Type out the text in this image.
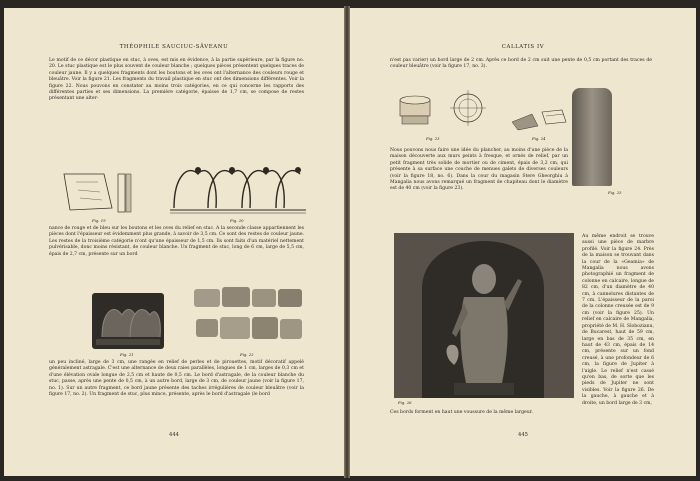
THÉOPHILE SAUCIUC-SĂVEANU

Le motif de ce décor plastique en stuc, à oves, est mis en évidence, à la partie supérieure, par la figure no. 20. Le stuc plastique est le plus souvent de couleur blanche ; quelques pièces présentent quelques traces de couleur jaune. Il y a quelques fragments dont les boutons et les oves ont l'alternance des couleurs rouge et bleuâtre. Voir la figure 21. Les fragments du travail plastique en stuc ont des dimensions différentes. Voir la figure 22. Nous pouvons en constater au moins trois catégories, en ce qui concerne les rapports des différentes parties et ses dimensions. La première catégorie, épaisse de 1,7 cm, se compose de restes présentant une alter-

Fig. 19	Fig. 20

nance de rouge et de bleu sur les boutons et les oves du relief en stuc. A la seconde classe appartiennent les pièces dont l'épaisseur est évidemment plus grande, à savoir de 3,5 cm. Ce sont des restes de couleur jaune. Les restes de la troisième catégorie n'ont qu'une épaisseur de 1,5 cm. Ils sont faits d'un matériel nettement pulvérisable, donc moins résistant, de couleur blanche. Un fragment de stuc, long de 6 cm, large de 5,5 cm, épais de 2,7 cm, présente sur un bord

Fig. 21	Fig. 22

un peu incliné, large de 3 cm, une rangée en relief de perles et de pirouettes, motif décoratif appelé généralement astragale. C'est une alternance de deux raies parallèles, longues de 1 cm, larges de 0,3 cm et d'une élévation ovale longue de 2,5 cm et haute de 0,5 cm. Le bord d'astragale, de la couleur blanche du stuc, passe, après une pente de 0,5 cm, à un autre bord, large de 3 cm, de couleur jaune (voir la figure 17, no. 1). Sur un autre fragment, ce bord jaune présente des taches irrégulières de couleur bleuâtre (voir la figure 17, no. 2). Un fragment de stuc, plus mince, présente, après le bord d'astragale (le bord

444
CALLATIS IV

n'est pas varier) un bord large de 2 cm. Après ce bord de 2 cm suit une pente de 0,5 cm portant des traces de couleur bleuâtre (voir la figure 17, no. 3).

Fig. 23	Fig. 24
Fig. 25

Nous pouvons nous faire une idée du plancher, au moins d'une pièce de la maison découverte aux murs peints à fresque, et ornés de relief, par un petit fragment très solide de mortier ou de ciment, épais de 3,2 cm, qui présente à sa surface une couche de menues galets de diverses couleurs (voir la figure 18, no. 6). Dans la cour du magasin Stere Gheorghiu à Mangalia nous avons remarqué un fragment de chapiteau dont le diamètre est de 40 cm (voir la figure 23).

Fig. 26

Au même endroit se trouve aussi une pièce de marbre profilé. Voir la figure 24. Près de la maison se trouvant dans la cour de la «Geamia» de Mangalia nous avons photographié un fragment de colonne en calcaire, longue de 82 cm, d'un diamètre de 40 cm, à cannelures distantes de 7 cm. L'épaisseur de la paroi de la colonne creusée est de 9 cm (voir la figure 25). Un relief en calcaire de Mangalia, propriété de M. H. Slobozianu, de Bucarest, haut de 59 cm, large en bas de 35 cm, en haut de 43 cm, épais de 14 cm, présente sur un fond creusé, à une profondeur de 6 cm, la figure de Jupiter à l'aigle. Le relief n'est cassé qu'en bas, de sorte que les pieds de Jupiter ne sont visibles. Voir la figure 26. De la gauche, à gauche et à droite, un bord large de 3 cm,

Ces bords forment en haut une voussure de la même largeur.

445
